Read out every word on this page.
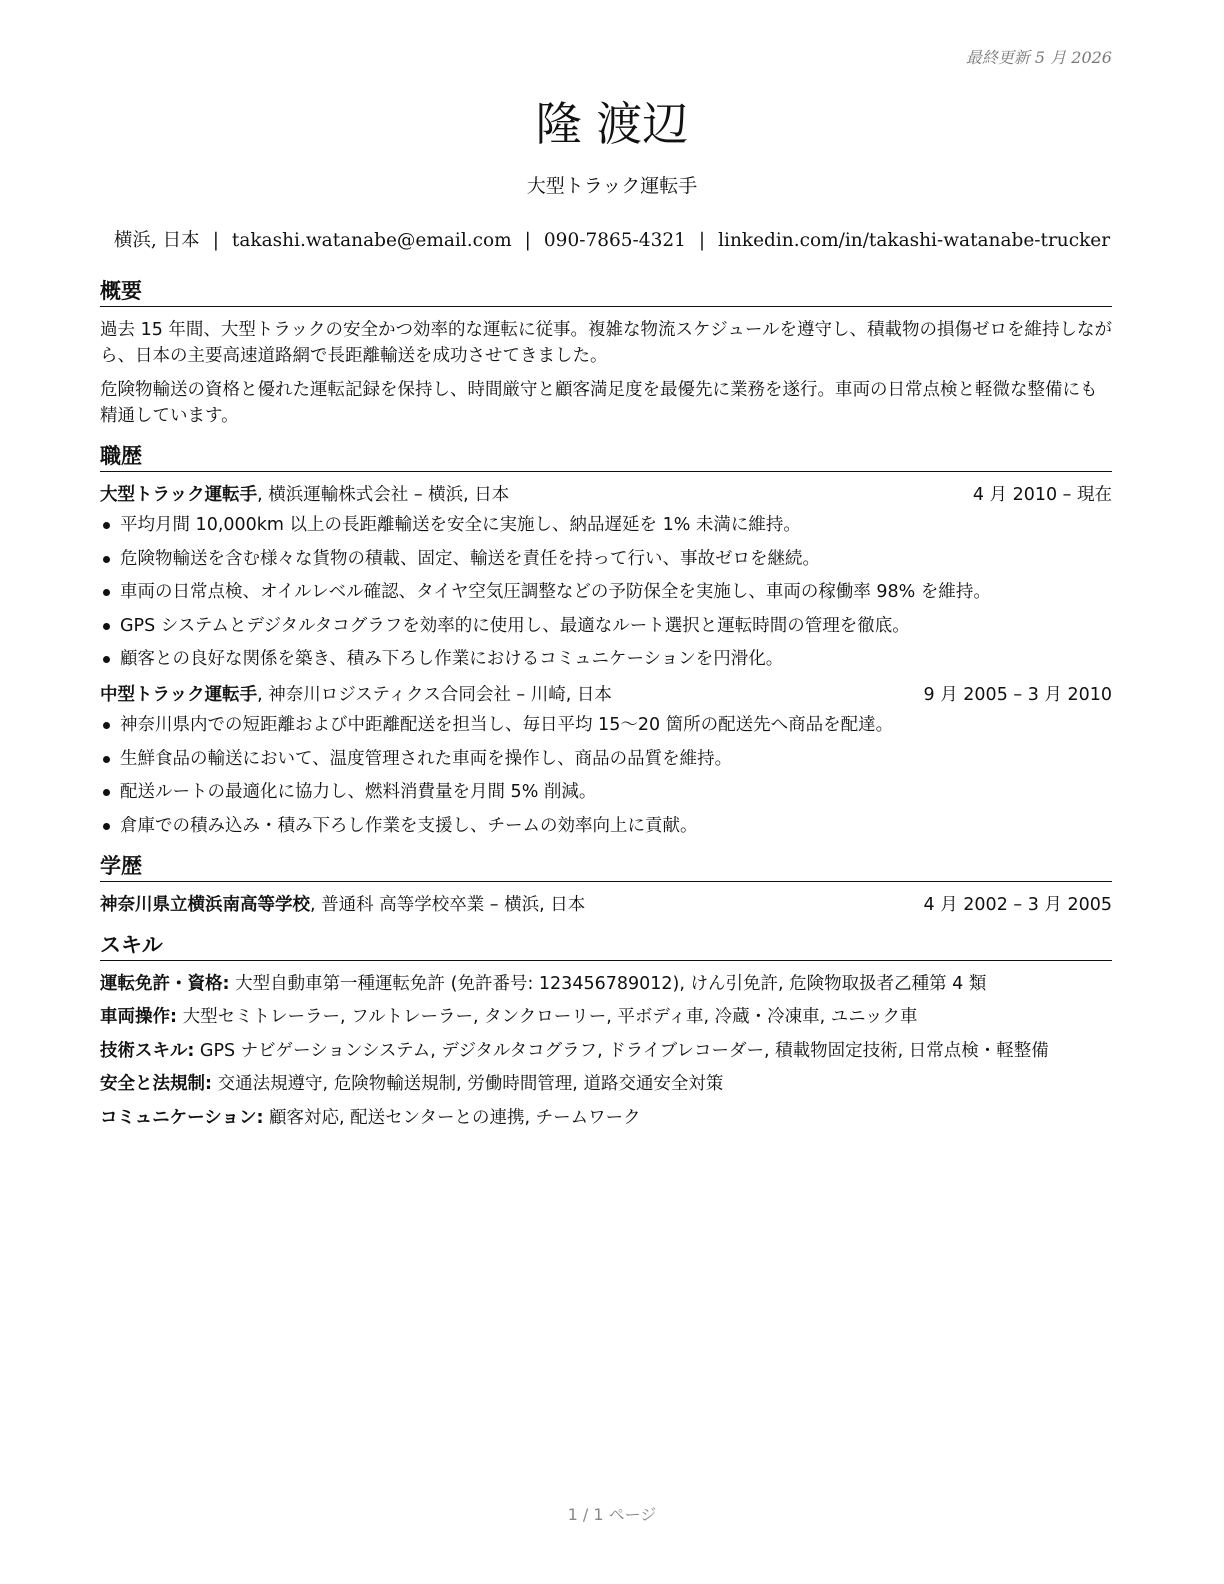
最終更新 5 月 2026
隆 渡辺
大型トラック運転手
横浜, 日本 | takashi.watanabe@email.com | 090-7865-4321 | linkedin.com/in/takashi-watanabe-trucker
概要

過去 15 年間、大型トラックの安全かつ効率的な運転に従事。複雑な物流スケジュールを遵守し、積載物の損傷ゼロを維持しながら、日本の主要高速道路網で長距離輸送を成功させてきました。

危険物輸送の資格と優れた運転記録を保持し、時間厳守と顧客満足度を最優先に業務を遂行。車両の日常点検と軽微な整備にも精通しています。

職歴
大型トラック運転手, 横浜運輸株式会社 – 横浜, 日本	4 月 2010 – 現在
平均月間 10,000km 以上の長距離輸送を安全に実施し、納品遅延を 1% 未満に維持。
危険物輸送を含む様々な貨物の積載、固定、輸送を責任を持って行い、事故ゼロを継続。
車両の日常点検、オイルレベル確認、タイヤ空気圧調整などの予防保全を実施し、車両の稼働率 98% を維持。
GPS システムとデジタルタコグラフを効率的に使用し、最適なルート選択と運転時間の管理を徹底。
顧客との良好な関係を築き、積み下ろし作業におけるコミュニケーションを円滑化。
中型トラック運転手, 神奈川ロジスティクス合同会社 – 川崎, 日本	9 月 2005 – 3 月 2010
神奈川県内での短距離および中距離配送を担当し、毎日平均 15〜20 箇所の配送先へ商品を配達。
生鮮食品の輸送において、温度管理された車両を操作し、商品の品質を維持。
配送ルートの最適化に協力し、燃料消費量を月間 5% 削減。
倉庫での積み込み・積み下ろし作業を支援し、チームの効率向上に貢献。
学歴
神奈川県立横浜南高等学校, 普通科 高等学校卒業 – 横浜, 日本	4 月 2002 – 3 月 2005
スキル

運転免許・資格: 大型自動車第一種運転免許 (免許番号: 123456789012), けん引免許, 危険物取扱者乙種第 4 類

車両操作: 大型セミトレーラー, フルトレーラー, タンクローリー, 平ボディ車, 冷蔵・冷凍車, ユニック車

技術スキル: GPS ナビゲーションシステム, デジタルタコグラフ, ドライブレコーダー, 積載物固定技術, 日常点検・軽整備

安全と法規制: 交通法規遵守, 危険物輸送規制, 労働時間管理, 道路交通安全対策

コミュニケーション: 顧客対応, 配送センターとの連携, チームワーク

1 / 1 ページ
